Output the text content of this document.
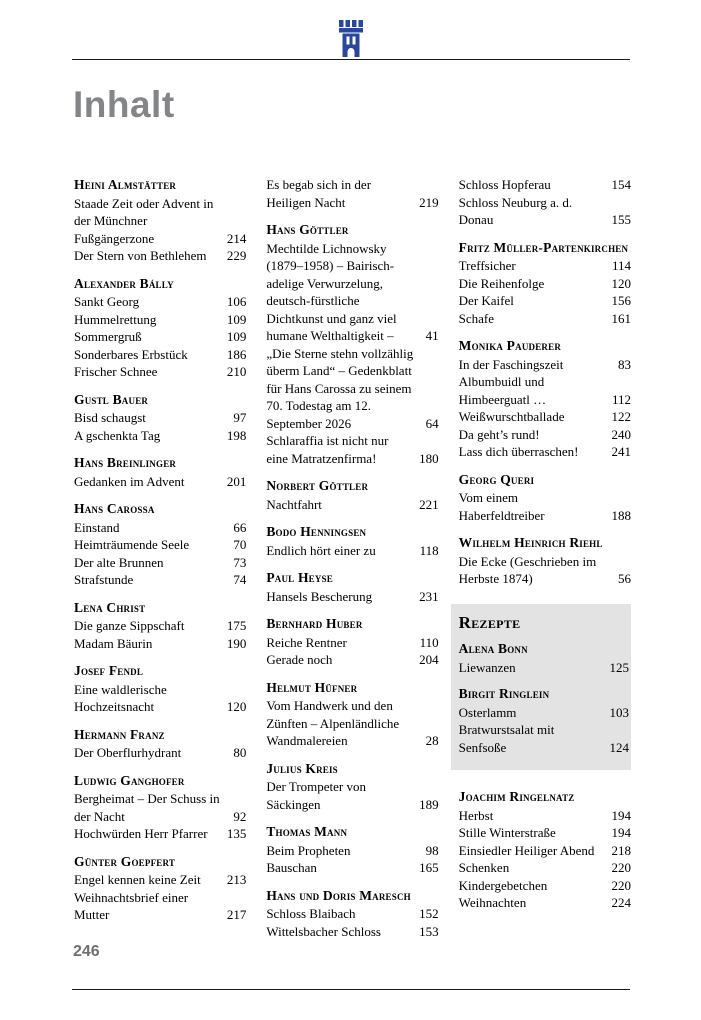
Inhalt
Heini Almstätter
Staade Zeit oder Advent in der Münchner Fußgängerzone	214
Der Stern von Bethlehem	229
Alexander Bálly
Sankt Georg	106
Hummelrettung	109
Sommergruß	109
Sonderbares Erbstück	186
Frischer Schnee	210
Gustl Bauer
Bisd schaugst	97
A gschenkta Tag	198
Hans Breinlinger
Gedanken im Advent	201
Hans Carossa
Einstand	66
Heimträumende Seele	70
Der alte Brunnen	73
Strafstunde	74
Lena Christ
Die ganze Sippschaft	175
Madam Bäurin	190
Josef Fendl
Eine waldlerische Hochzeitsnacht	120
Hermann Franz
Der Oberflurhydrant	80
Ludwig Ganghofer
Bergheimat – Der Schuss in der Nacht	92
Hochwürden Herr Pfarrer	135
Günter Goepfert
Engel kennen keine Zeit	213
Weihnachtsbrief einer Mutter	217
Es begab sich in der Heiligen Nacht	219
Hans Göttler
Mechtilde Lichnowsky (1879–1958) – Bairisch-adelige Verwurzelung, deutsch-fürstliche Dichtkunst und ganz viel humane Welthaltigkeit –	41
„Die Sterne stehn vollzählig überm Land“ – Gedenkblatt für Hans Carossa zu seinem 70. Todestag am 12. September 2026	64
Schlaraffia ist nicht nur eine Matratzenfirma!	180
Norbert Göttler
Nachtfahrt	221
Bodo Henningsen
Endlich hört einer zu	118
Paul Heyse
Hansels Bescherung	231
Bernhard Huber
Reiche Rentner	110
Gerade noch	204
Helmut Hüfner
Vom Handwerk und den Zünften – Alpenländliche Wandmalereien	28
Julius Kreis
Der Trompeter von Säckingen	189
Thomas Mann
Beim Propheten	98
Bauschan	165
Hans und Doris Maresch
Schloss Blaibach	152
Wittelsbacher Schloss	153
Schloss Hopferau	154
Schloss Neuburg a. d. Donau	155
Fritz Müller-Partenkirchen
Treffsicher	114
Die Reihenfolge	120
Der Kaifel	156
Schafe	161
Monika Pauderer
In der Faschingszeit	83
Albumbuidl und Himbeerguatl …	112
Weißwurschtballade	122
Da geht’s rund!	240
Lass dich überraschen!	241
Georg Queri
Vom einem Haberfeldtreiber	188
Wilhelm Heinrich Riehl
Die Ecke (Geschrieben im Herbste 1874)	56
Rezepte
Alena Bonn
Liewanzen	125
Birgit Ringlein
Osterlamm	103
Bratwurstsalat mit Senfsoße	124
Joachim Ringelnatz
Herbst	194
Stille Winterstraße	194
Einsiedler Heiliger Abend	218
Schenken	220
Kindergebetchen	220
Weihnachten	224
246
